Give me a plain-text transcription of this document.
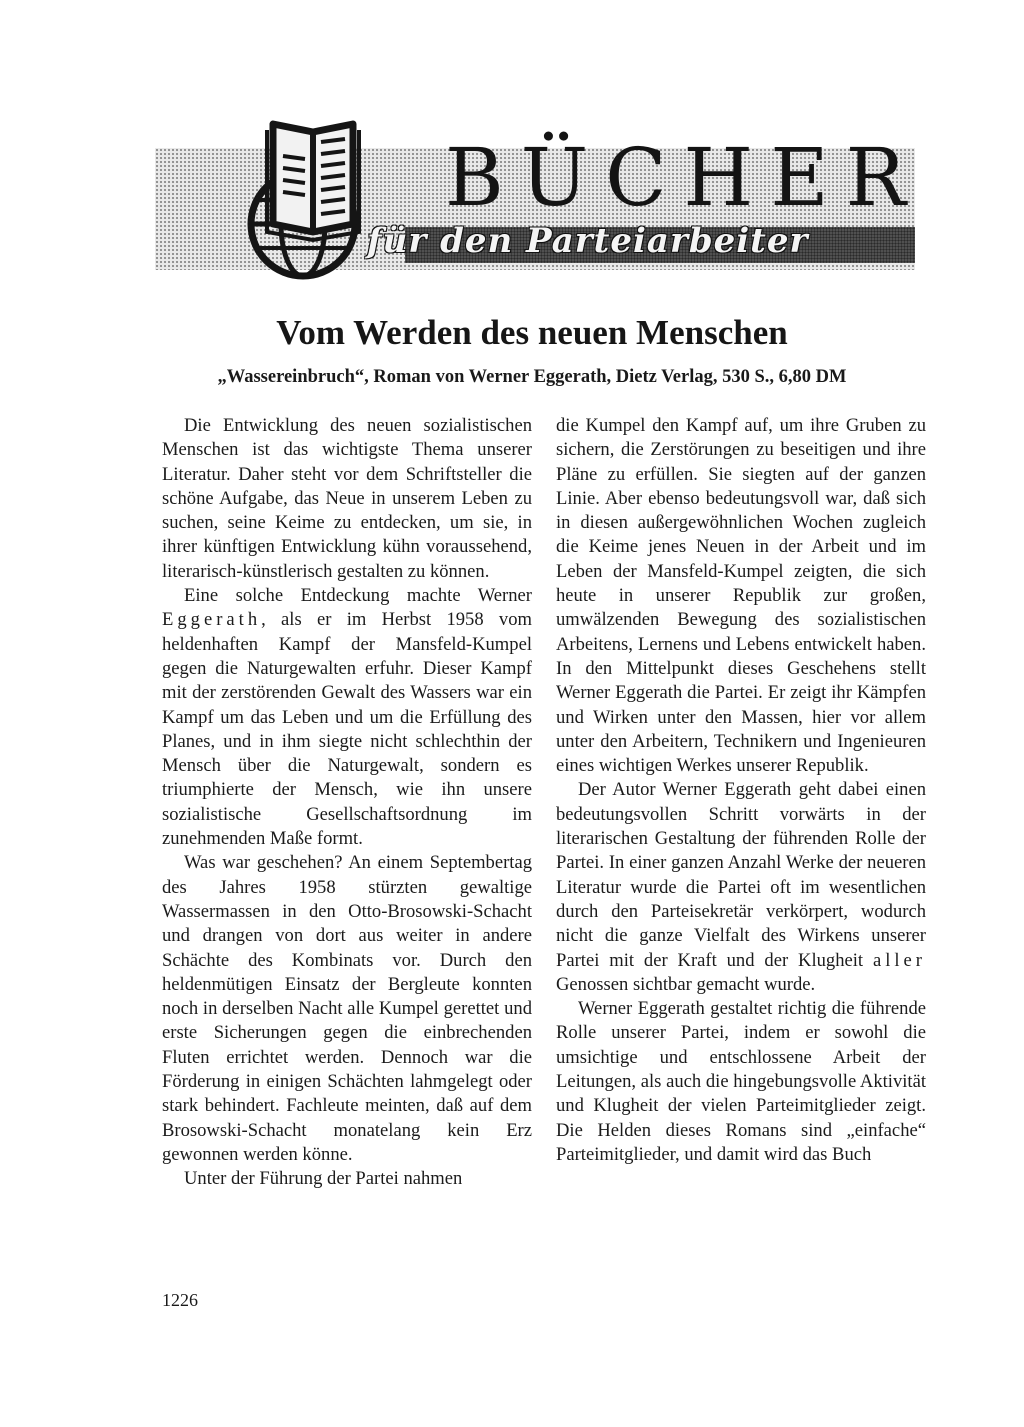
BÜCHER
für den Parteiarbeiter
Vom Werden des neuen Menschen
„Wassereinbruch“, Roman von Werner Eggerath, Dietz Verlag, 530 S., 6,80 DM

Die Entwicklung des neuen sozialistischen Menschen ist das wichtigste Thema unserer Literatur. Daher steht vor dem Schriftsteller die schöne Aufgabe, das Neue in unserem Leben zu suchen, seine Keime zu entdecken, um sie, in ihrer künftigen Entwicklung kühn voraussehend, literarisch-künstlerisch gestalten zu können.

Eine solche Entdeckung machte Werner Eggerath, als er im Herbst 1958 vom heldenhaften Kampf der Mansfeld-Kumpel gegen die Naturgewalten erfuhr. Dieser Kampf mit der zerstörenden Gewalt des Wassers war ein Kampf um das Leben und um die Erfüllung des Planes, und in ihm siegte nicht schlechthin der Mensch über die Naturgewalt, sondern es triumphierte der Mensch, wie ihn unsere sozialistische Gesellschaftsordnung im zunehmenden Maße formt.

Was war geschehen? An einem Septembertag des Jahres 1958 stürzten gewaltige Wassermassen in den Otto-Brosowski-Schacht und drangen von dort aus weiter in andere Schächte des Kombinats vor. Durch den heldenmütigen Einsatz der Bergleute konnten noch in derselben Nacht alle Kumpel gerettet und erste Sicherungen gegen die einbrechenden Fluten errichtet werden. Dennoch war die Förderung in einigen Schächten lahmgelegt oder stark behindert. Fachleute meinten, daß auf dem Brosowski-Schacht monatelang kein Erz gewonnen werden könne.

Unter der Führung der Partei nahmen

die Kumpel den Kampf auf, um ihre Gruben zu sichern, die Zerstörungen zu beseitigen und ihre Pläne zu erfüllen. Sie siegten auf der ganzen Linie. Aber ebenso bedeutungsvoll war, daß sich in diesen außergewöhnlichen Wochen zugleich die Keime jenes Neuen in der Arbeit und im Leben der Mansfeld-Kumpel zeigten, die sich heute in unserer Republik zur großen, umwälzenden Bewegung des sozialistischen Arbeitens, Lernens und Lebens entwickelt haben. In den Mittelpunkt dieses Geschehens stellt Werner Eggerath die Partei. Er zeigt ihr Kämpfen und Wirken unter den Massen, hier vor allem unter den Arbeitern, Technikern und Ingenieuren eines wichtigen Werkes unserer Republik.

Der Autor Werner Eggerath geht dabei einen bedeutungsvollen Schritt vorwärts in der literarischen Gestaltung der führenden Rolle der Partei. In einer ganzen Anzahl Werke der neueren Literatur wurde die Partei oft im wesentlichen durch den Parteisekretär verkörpert, wodurch nicht die ganze Vielfalt des Wirkens unserer Partei mit der Kraft und der Klugheit aller Genossen sichtbar gemacht wurde.

Werner Eggerath gestaltet richtig die führende Rolle unserer Partei, indem er sowohl die umsichtige und entschlossene Arbeit der Leitungen, als auch die hingebungsvolle Aktivität und Klugheit der vielen Parteimitglieder zeigt. Die Helden dieses Romans sind „einfache“ Parteimitglieder, und damit wird das Buch

1226
